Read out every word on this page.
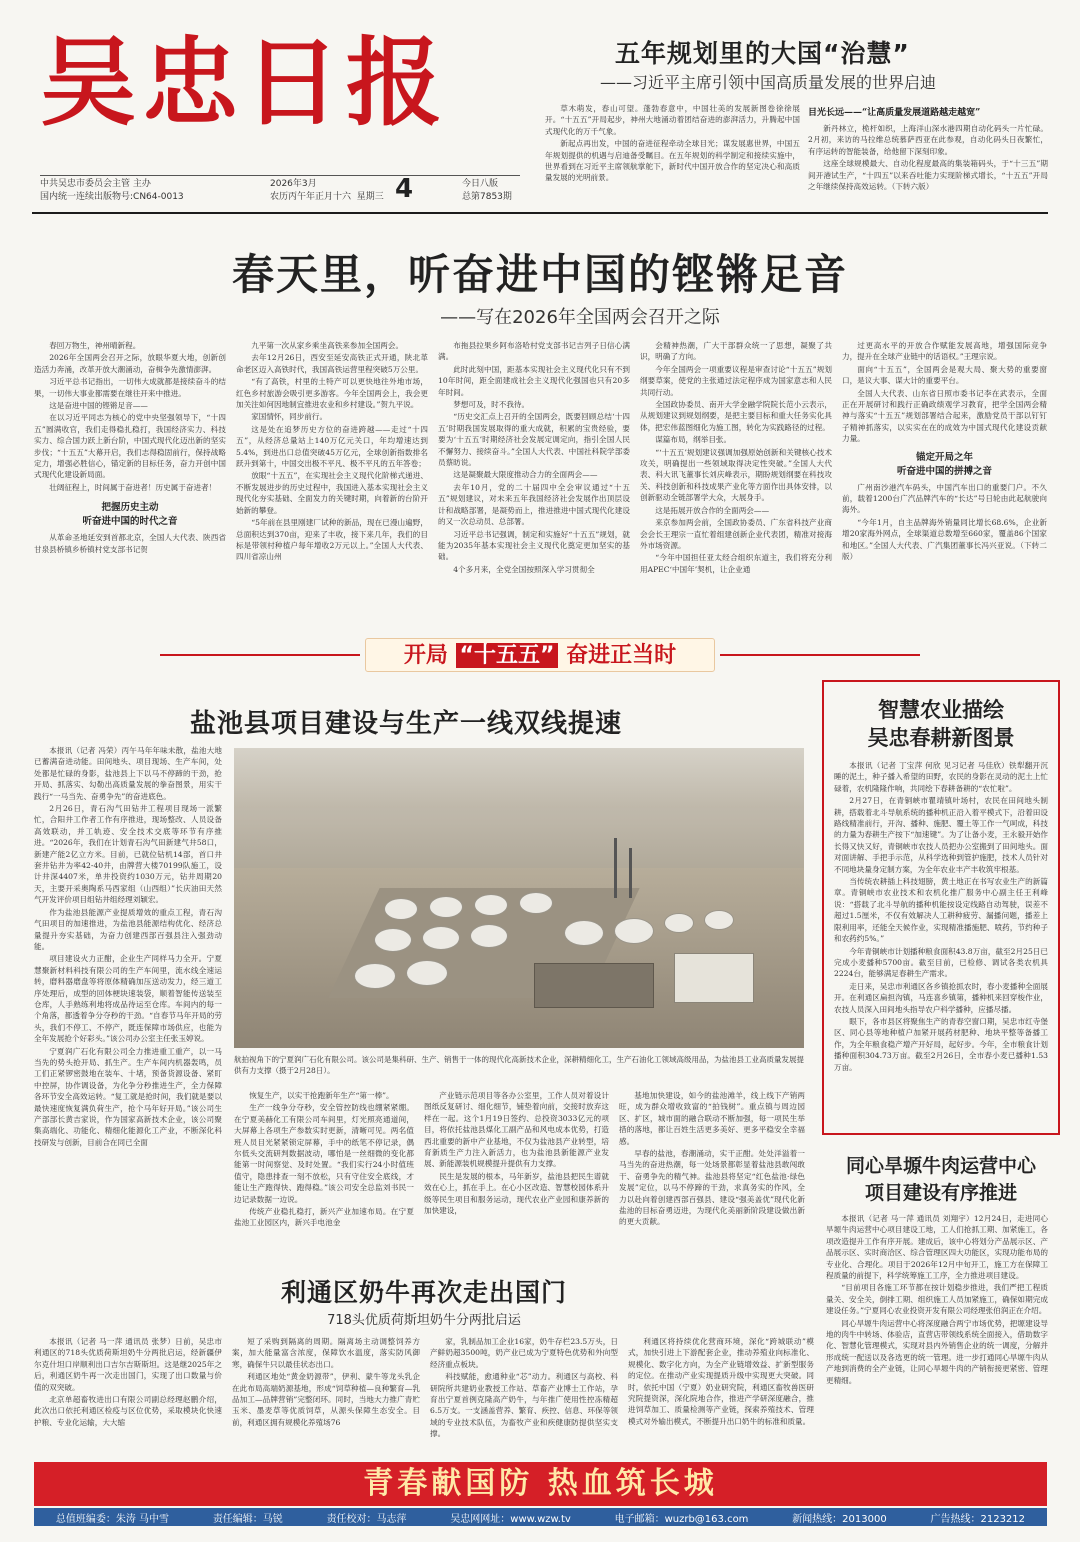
吴忠日报
中共吴忠市委员会主管 主办
国内统一连续出版物号:CN64-0013
2026年3月
农历丙午年正月十六 星期三 4	今日八版
总第7853期
五年规划里的大国“治慧”
——习近平主席引领中国高质量发展的世界启迪

草木萌发，春山可望。蓬勃春意中，中国壮美的发展新图卷徐徐展开。“十五五”开局起步，神州大地涌动着团结奋进的澎湃活力，升腾起中国式现代化的万千气象。

新起点再出发，中国的奋进征程牵动全球目光；谋发展惠世界，中国五年规划提供的机遇与启迪备受瞩目。在五年规划的科学制定和接续实施中，世界看到在习近平主席领航掌舵下，新时代中国开放合作的坚定决心和高质量发展的光明前景。

目光长远——“让高质量发展道路越走越宽”

新丹林立，桅杆如织，上海洋山深水港四期自动化码头一片忙碌。2月初，来访的马拉维总统慕萨西亚在此参观，自动化码头日夜繁忙，有序运转的智能装备，给他留下深刻印象。

这座全球规模最大、自动化程度最高的集装箱码头，于“十三五”期间开港试生产，“十四五”以来吞吐能力实现阶梯式增长，“十五五”开局之年继续保持高效运转。（下转六版）

春天里，听奋进中国的铿锵足音
——写在2026年全国两会召开之际

春回万物生，神州晴新程。

2026年全国两会召开之际，放眼华夏大地，创新创造活力奔涌，改革开放大潮涌动，奋楫争先激情澎湃。

习近平总书记指出，一切伟大成就都是接续奋斗的结果，一切伟大事业都需要在继往开来中推进。

这是奋进中国的铿锵足音——

在以习近平同志为核心的党中央坚强领导下，“十四五”圆满收官，我们走得稳扎稳打，我国经济实力、科技实力、综合国力跃上新台阶，中国式现代化迈出新的坚实步伐；“十五五”大幕开启，我们志得稳固前行，保持战略定力，增强必胜信心，锚定新的目标任务，奋力开创中国式现代化建设新局面。

壮阔征程上，时间属于奋进者！历史属于奋进者！

把握历史主动
听奋进中国的时代之音

从革命圣地延安到首都北京，全国人大代表、陕西省甘泉县桥镇乡桥镇村党支部书记贺

九平第一次从家乡乘坐高铁来参加全国两会。

去年12月26日，西安至延安高铁正式开通，陕北革命老区迈入高铁时代，我国高铁运营里程突破5万公里。

“有了高铁，村里的土特产可以更快地往外地市场，红色乡村旅游会吸引更多游客。今年全国两会上，我会更加关注如何因地制宜推进农业和乡村建设。”贺九平说。

家国情怀，同步前行。

这是处在追梦历史方位的奋进跨越——走过“十四五”，从经济总量站上140万亿元关口，年均增速达到5.4%，到进出口总值突破45万亿元，全球创新指数排名跃升到第十，中国交出极不平凡、极不平凡的五年答卷；

放眼“十五五”，在实现社会主义现代化阶梯式递进、不断发展进步的历史过程中，我国进入基本实现社会主义现代化夯实基础、全面发力的关键时期，向着新的台阶开始新的攀登。

“5年前在县里刚建厂试种的新品，现在已漫山遍野，总面积达到370亩，迎来了丰收，接下来几年，我们的目标是带领村种植户每年增收2万元以上。”全国人大代表、四川省凉山州

布拖县拉果乡阿布洛哈村党支部书记吉列子日信心满满。

此时此刻中国，距基本实现社会主义现代化只有不到10年时间，距全面建成社会主义现代化强国也只有20多年时间。

梦想可及，时不我待。

“历史交汇点上召开的全国两会，既要回顾总结‘十四五’时期我国发展取得的重大成就，积累的宝贵经验，要要为‘十五五’时期经济社会发展定调定向，指引全国人民不懈努力、接续奋斗。”全国人大代表、中国社科院学部委员蔡昉说。

这是凝聚最大限度推动合力的全面两会——

去年10月，党的二十届四中全会审议通过“十五五”规划建议，对未来五年我国经济社会发展作出顶层设计和战略部署，是凝势而上，推进推进中国式现代化建设的又一次总动员、总部署。

习近平总书记强调，制定和实施好“十五五”规划，就能为2035年基本实现社会主义现代化奠定更加坚实的基础。

4个多月来，全党全国按照深入学习贯彻全

会精神热潮，广大干部群众统一了思想，凝聚了共识，明确了方向。

今年全国两会一项重要议程是审查讨论“十五五”规划纲要草案，使党的主张通过法定程序成为国家意志和人民共同行动。

全国政协委员、南开大学金融学院院长范小云表示，从规划建议到规划纲要，是把主要目标和重大任务实化具体，把宏伟蓝图细化为施工图，转化为实践路径的过程。

谋篇布局，纲举目张。

“‘十五五’规划建议强调加强原始创新和关键核心技术攻关，明确提出一些领域取得决定性突破。”全国人大代表、科大讯飞董事长刘庆峰表示，期盼规划纲要在科技攻关、科技创新和科技成果产业化等方面作出具体安排，以创新驱动全链部署学大众，大展身手。

这是拓展开放合作的全面两会——

来京参加两会前，全国政协委员、广东省科技产业商会会长王理宗一直忙着组建创新企业代表团，精准对接海外市场资源。

“今年中国担任亚太经合组织东道主，我们将充分利用APEC‘中国年’契机，让企业通

过更高水平的开放合作赋能发展高地，增强国际竞争力，提升在全球产业链中的话语权。”王理宗说。

面向“十五五”，全国两会是观大局、聚大势的重要窗口，是议大事、谋大计的重要平台。

全国人大代表、山东省日照市委书记李在武表示，全面正在开展研讨和践行正确政绩观学习教育，把学全国两会精神与落实“十五五”规划部署结合起来，激励党员干部以钉钉子精神抓落实，以实实在在的成效为中国式现代化建设贡献力量。

锚定开局之年
听奋进中国的拼搏之音

广州南沙港汽车码头，中国汽车出口的重要门户。不久前，载着1200台广汽品牌汽车的“长达”号日轮由此起航驶向海外。

“今年1月，自主品牌海外销量同比增长68.6%，企业新增20家海外网点，全球渠道总数增至660家，覆盖86个国家和地区。”全国人大代表、广汽集团董事长冯兴亚说。（下转二版）

开局 “十五五” 奋进正当时
盐池县项目建设与生产一线双线提速

本报讯（记者 冯荣）丙午马年年味未散，盐池大地已蓄满奋进动能。田间地头、项目现场、生产车间，处处都是忙碌的身影，盐池县上下以马不停蹄的干劲，抢开局、抓落实、勾勒出高质量发展的拳奋图景，用实干践行“一马当先、奋勇争先”的奋进底色。

2月26日，青石沟气田钻井工程项目现场一派繁忙，合阳井工作者工作有序推进，现场整改、人员设备高效联动，并工轨迹、安全技术交底等环节有序推进。“2026年，我们在计划青石沟气田新建气井58口，新建产能2亿立方米。目前，已就位钻机14部，首口井套井钻井为率42-40井，由牌营大楼70199队施工，设计井深4407米，单井投资约1030万元，钻井周期20天，主要开采奥陶系马西家组（山西组）”长庆油田天然气开发评价项目组钻井组经理刘颖宏。

作为盐池县能源产业提质增效的重点工程，青石沟气田项目的加速推进，为盐池县能源结构优化、经济总量提升夯实基础，为奋力创建西部百强县注入强劲动能。

项目建设火力正酣，企业生产同样马力全开。宁夏慧聚新材料科技有限公司的生产车间里，流水线全速运转，磨料器磨盘等将原体精确加压送动发力，经三道工序处理后，成型的回体梗块速装袋，顺着智能传送装至仓库，人手熟练利地将成品待运至仓库。车间内的每一个角落，都透着争分夺秒的干劲。“自春节马年开局的劳头，我们不停工、不停产，既连保障市场供应，也能为全年发展抢个好彩头。”该公司办公室主任张玉婷说。

宁夏润广石化有限公司全力推进重工重产，以一马当先的势头抢开局、抓生产。生产车间内机器轰鸣，员工们正紧锣密鼓地在装车、十堵，预备货源设备、紧盯中控屏，协作调设备，为化争分秒推进生产，全力保障各环节安全高效运转。“复工就是抢时间，我们就是要以最快速度恢复满负荷生产，抢个马年好开局。”该公司生产部部长黄吉家说，作为国家高新技术企业，该公司聚集高端化、功能化、精细化能源化工产业，不断深化科技研发与创新，目前合在同已全面

航拍视角下的宁夏润广石化有限公司。该公司是集科研、生产、销售于一体的现代化高新技术企业，深耕精细化工，生产石油化工领域高级用品，为盐池县工业高质量发展提供有力支撑（摄于2月28日）。

恢复生产，以实干抢跑新年生产“第一棒”。

生产一线争分夺秒，安全管控防线也绷紧紧绷。在宁夏美赫化工有限公司车间里，灯光照亮通道间，大屏幕上各项生产参数实时更新，清晰可见。两名值班人员目光紧紧锁定屏幕，手中的纸笔不停记录，偶尔低头交流研判数据波动，哪怕是一丝细微的变化都能第一时间察觉、及时处置。“我们实行24小时值班值守，隐患排查一刻不放松，只有守住安全底线，才能让生产跑得快、跑得稳。”该公司安全总监刘书民一边记录数据一边说。

传统产业稳扎稳打，新兴产业加速布局。在宁夏盐池工业园区内，新兴手电池金

产业链示范项目等各办公室里，工作人员对着设计图纸反复研讨、细化细节，铺垫着向前，交接时放弃这样在一起。这个1月19日签约、总投资3033亿元的项目，将依托盐池县煤化工副产品和风电成本优势，打造西北重要的新中产业基地，不仅为盐池县产业转型，培育新质生产力注入新活力，也为盐池县新能源产业发展、新能源装机规模提升提供有力支撑。

民生是发展的根本，马年新岁，盐池县把民生谱就效在心上，抓在手上。在心小区改造、智慧校园体系升级等民生项目和服务运动，现代农业产业园和康养新的加快建设，

基地加快建设，如今的盐池滩羊，线上线下产销两旺，成为群众增收致富的“拍钱树”。重点镇与周边园区、扩区，城市面的融合联动不断加强，每一项民生举措的落地，都让百姓生活更多美好、更多平稳安全幸福感。

早春的盐池，春潮涌动，实干正酣。处处洋溢着一马当先的奋进热潮，每一处场景都彰显着盐池县敢闯敢干、奋勇争先的精气神。盐池县将坚定“红色盐池·绿色发展”定位，以马不停蹄的干劲，求真务实的作风，全力以赴向着创建西部百强县、建设“强美盖优”现代化新盐池的目标奋勇迈进，为现代化美丽新阶段建设做出新的更大贡献。

智慧农业描绘
吴忠春耕新图景

本报讯（记者 丁宝萍 何欣 见习记者 马佳欣）铁犁翻开沉睡的泥土，种子播入希望的田野，农民的身影在灵动的泥土上忙碌着，农机隆隆作响，共同绘下春耕备耕的“农忙啦”。

2月27日，在青铜峡市瞿靖镇叶场村，农民在田间地头制耕，搭载着北斗导航系统的播种机正沿入着平模式下，沿着田设路线精准前行，开沟、播种、施肥、覆土等工作一气呵成，科技的力量为春耕生产按下“加速键”。为了让备小麦，王永毅开始作长得又快又好，青铜峡市农技人员把办公室搬到了田间地头。面对面讲解、手把手示范，从科学选种到管护施肥，技术人员针对不同地块量身定制方案，为全年农业丰产丰收筑牢根基。

当传统农耕插上科技翅膀，黄土地正在书写农业生产的新篇章。青铜峡市农业技术和农机化推广服务中心副主任王利峰说：“搭载了北斗导航的播种机能按设定线路自动驾驶，误差不超过1.5厘米，不仅有效解决人工耕种疲劳、漏播问题，播差上限利用率，还能全天候作业，实现精准播施肥、喷药，节约种子和农药约5%。”

今年青铜峡市计划播种粮食面积43.8万亩，截至2月25日已完成小麦播种5700亩。截至目前，已检修、调试各类农机具2224台，能够满足春耕生产需求。

走日来，吴忠市利通区各乡镇抢抓农时，春小麦播种全面展开。在利通区扁担沟镇，马连喜乡镇第，播种机来回穿梭作业，农技人员深入田间地头指导农户科学播种，应播尽播。

眼下，各市县区将聚焦生产的青春空窗口期，吴忠市红寺堡区、同心县等地种植户加紧开展药材肥种、地块平整等备播工作，为全年粮食稳产增产开好局，起好步。今年，全市粮食计划播种面积304.73万亩。截至2月26日，全市春小麦已播种1.53万亩。

同心旱塬牛肉运营中心
项目建设有序推进

本报讯（记者 马一萍 通讯员 刘翔宇）12月24日，走进同心旱塬牛肉运营中心项目建设工地，工人们抢抓工期、加紧施工，各项改造提升工作有序开展。建成后，该中心将划分产品展示区、产品展示区、实时商洽区、综合管理区四大功能区，实现功能布局的专业化、合理化。项目于2026年12月中旬开工，施工方在保障工程质量的前提下，科学统筹施工工序，全力推进项目建设。

“目前项目各施工环节都在按计划稳步推进，我们严把工程质量关、安全关，倒排工期、组织施工人员加紧施工，确保如期完成建设任务。”宁夏同心农业投资开发有限公司经理张伯润正在介绍。

同心旱塬牛肉运营中心将深度融合两宁市场优势，把塬建设导地的肉牛中转场、体验店，直营店带领线系统全面接入，借助数字化、智慧化管理模式，实现对县内外销售企业的统一调度，分解并形成统一配送以及各选更的统一管理。进一步打通同心旱塬牛肉从产地到消费的全产业链，让同心旱塬牛肉的产销衔接更紧密、管理更精细。

利通区奶牛再次走出国门
718头优质荷斯坦奶牛分两批启运

本报讯（记者 马一萍 通讯员 张梦）日前，吴忠市利通区的718头优质荷斯坦奶牛分两批启运，经新疆伊尔克什坦口岸顺利出口吉尔吉斯斯坦。这是继2025年之后，利通区奶牛再一次走出国门，实现了出口数量与价值的双突破。

北京单超畜牧进出口有限公司副总经理赵鹏介绍，此次出口依托利通区检疫与区位优势，采取模块化快速护粮、专业化运输，大大缩

短了采购到隔离的周期。隔离场主动调整饲养方案，加大能量富含浓度，保障饮水温度，落实防风御寒，确保牛只以最佳状态出口。

利通区地处“黄金奶源带”，伊利、蒙牛等龙头乳企在此布局高端奶源基地，形成“饲草种植—良种繁育—乳品加工—品牌营销”完整闭环。同时，当地大力推广青贮玉米、墨麦草等优质饲草，从源头保障生态安全。目前，利通区拥有规模化养殖场76

家，乳制品加工企业16家，奶牛存栏23.5万头，日产鲜奶超3500吨，奶产业已成为宁夏特色优势和外向型经济重点板块。

科技赋能，愈通种业“芯”动力。利通区与高校、科研院所共建奶业教授工作站、草畜产业博士工作站，孕育出宁夏首例克隆高产奶牛，与年推广使用性控冻精超6.5万支。一支涵盖营养、繁育、疾控、信息、环保等领域的专业技术队伍，为畜牧产业和疾健康防提供坚实支撑。

利通区将持续优化营商环境，深化“跨城联动”模式，加快引进上下游配套企业，推动养殖业向标准化、规模化、数字化方向，为全产业链增效益、扩新型服务的定位。在推动产业实现提质升级中实现更大突破。同时，依托中国（宁夏）奶业研究院，利通区畜牧兽医研究院提资深，深化院地合作，推进产学研深度融合，推进饲草加工、质量检测等产业链，探索养殖技术、管理模式对外输出模式，不断提升出口奶牛的标准和质量。

青春献国防 热血筑长城
总值班编委：朱涛 马中雪	责任编辑：马锐	责任校对：马志萍	吴忠网网址：www.wzw.tv	电子邮箱：wuzrb@163.com	新闻热线：2013000	广告热线：2123212
